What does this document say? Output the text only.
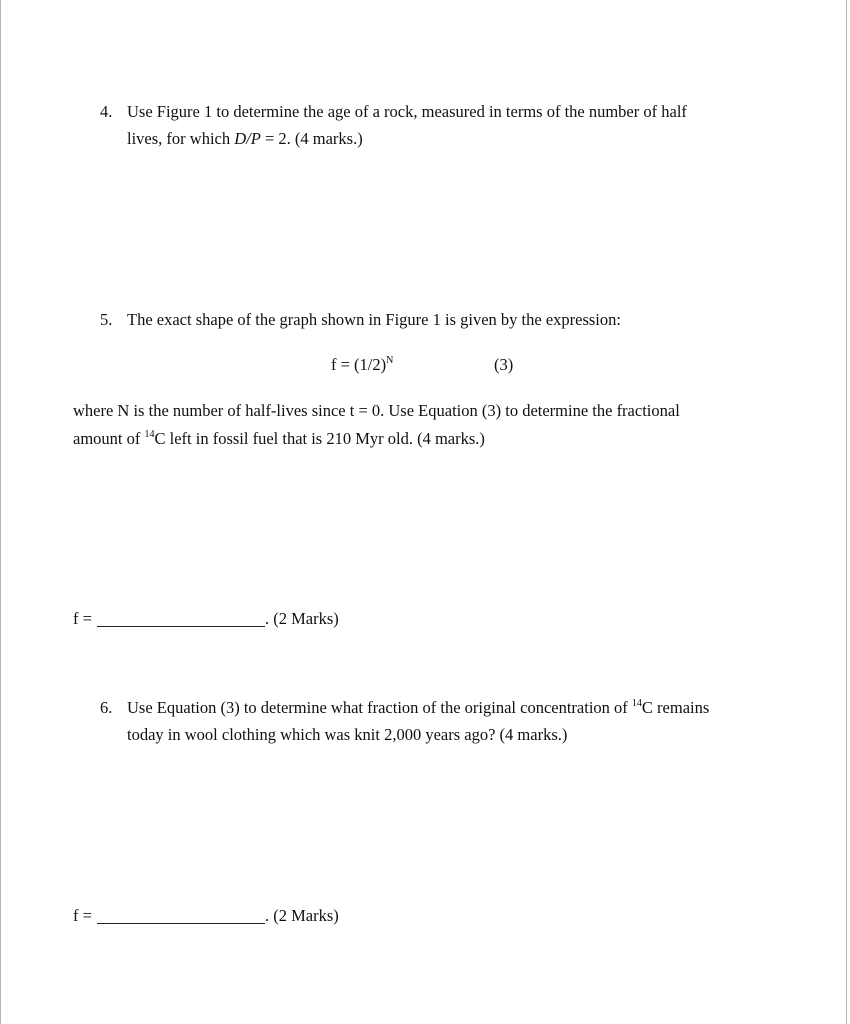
4. Use Figure 1 to determine the age of a rock, measured in terms of the number of half
lives, for which D/P = 2. (4 marks.)
5. The exact shape of the graph shown in Figure 1 is given by the expression:
$f = (1/2)^N$	(3)
where N is the number of half-lives since t = 0. Use Equation (3) to determine the fractional
amount of $^{14}$C left in fossil fuel that is 210 Myr old. (4 marks.)
f =	. (2 Marks)
6. Use Equation (3) to determine what fraction of the original concentration of $^{14}$C remains
today in wool clothing which was knit 2,000 years ago? (4 marks.)
f =	. (2 Marks)
